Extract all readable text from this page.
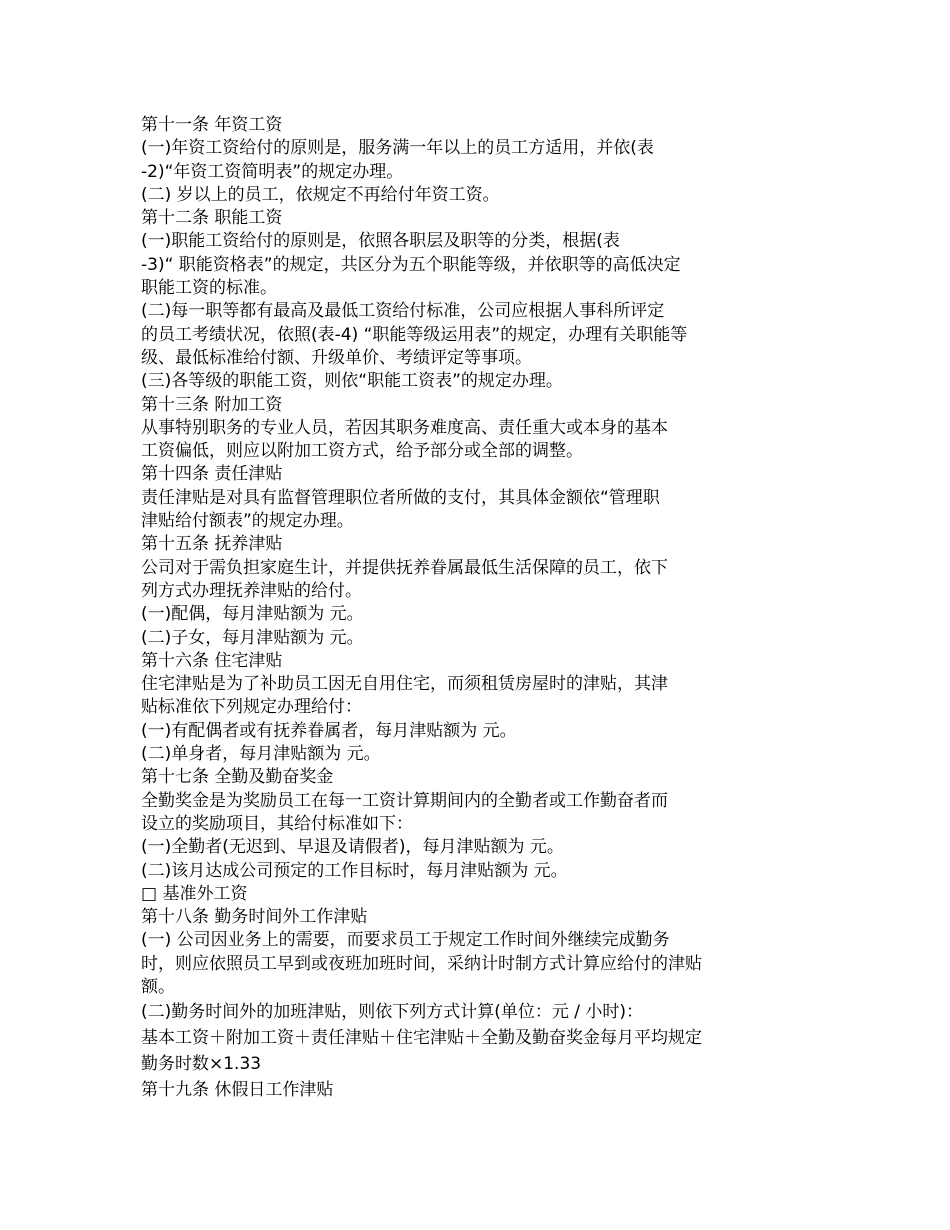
第十一条 年资工资
(一)年资工资给付的原则是，服务满一年以上的员工方适用，并依(表
-2)“年资工资简明表”的规定办理。
(二) 岁以上的员工，依规定不再给付年资工资。
第十二条 职能工资
(一)职能工资给付的原则是，依照各职层及职等的分类，根据(表
-3)“ 职能资格表”的规定，共区分为五个职能等级，并依职等的高低决定
职能工资的标准。
(二)每一职等都有最高及最低工资给付标准，公司应根据人事科所评定
的员工考绩状况，依照(表-4) “职能等级运用表”的规定，办理有关职能等
级、最低标准给付额、升级单价、考绩评定等事项。
(三)各等级的职能工资，则依“职能工资表”的规定办理。
第十三条 附加工资
从事特别职务的专业人员，若因其职务难度高、责任重大或本身的基本
工资偏低，则应以附加工资方式，给予部分或全部的调整。
第十四条 责任津贴
责任津贴是对具有监督管理职位者所做的支付，其具体金额依“管理职
津贴给付额表”的规定办理。
第十五条 抚养津贴
公司对于需负担家庭生计，并提供抚养眷属最低生活保障的员工，依下
列方式办理抚养津贴的给付。
(一)配偶，每月津贴额为 元。
(二)子女，每月津贴额为 元。
第十六条 住宅津贴
住宅津贴是为了补助员工因无自用住宅，而须租赁房屋时的津贴，其津
贴标准依下列规定办理给付：
(一)有配偶者或有抚养眷属者，每月津贴额为 元。
(二)单身者，每月津贴额为 元。
第十七条 全勤及勤奋奖金
全勤奖金是为奖励员工在每一工资计算期间内的全勤者或工作勤奋者而
设立的奖励项目，其给付标准如下：
(一)全勤者(无迟到、早退及请假者)，每月津贴额为 元。
(二)该月达成公司预定的工作目标时，每月津贴额为 元。
□ 基准外工资
第十八条 勤务时间外工作津贴
(一) 公司因业务上的需要，而要求员工于规定工作时间外继续完成勤务
时，则应依照员工早到或夜班加班时间，采纳计时制方式计算应给付的津贴
额。
(二)勤务时间外的加班津贴，则依下列方式计算(单位：元 / 小时)：
基本工资＋附加工资＋责任津贴＋住宅津贴＋全勤及勤奋奖金每月平均规定
勤务时数×1.33
第十九条 休假日工作津贴
